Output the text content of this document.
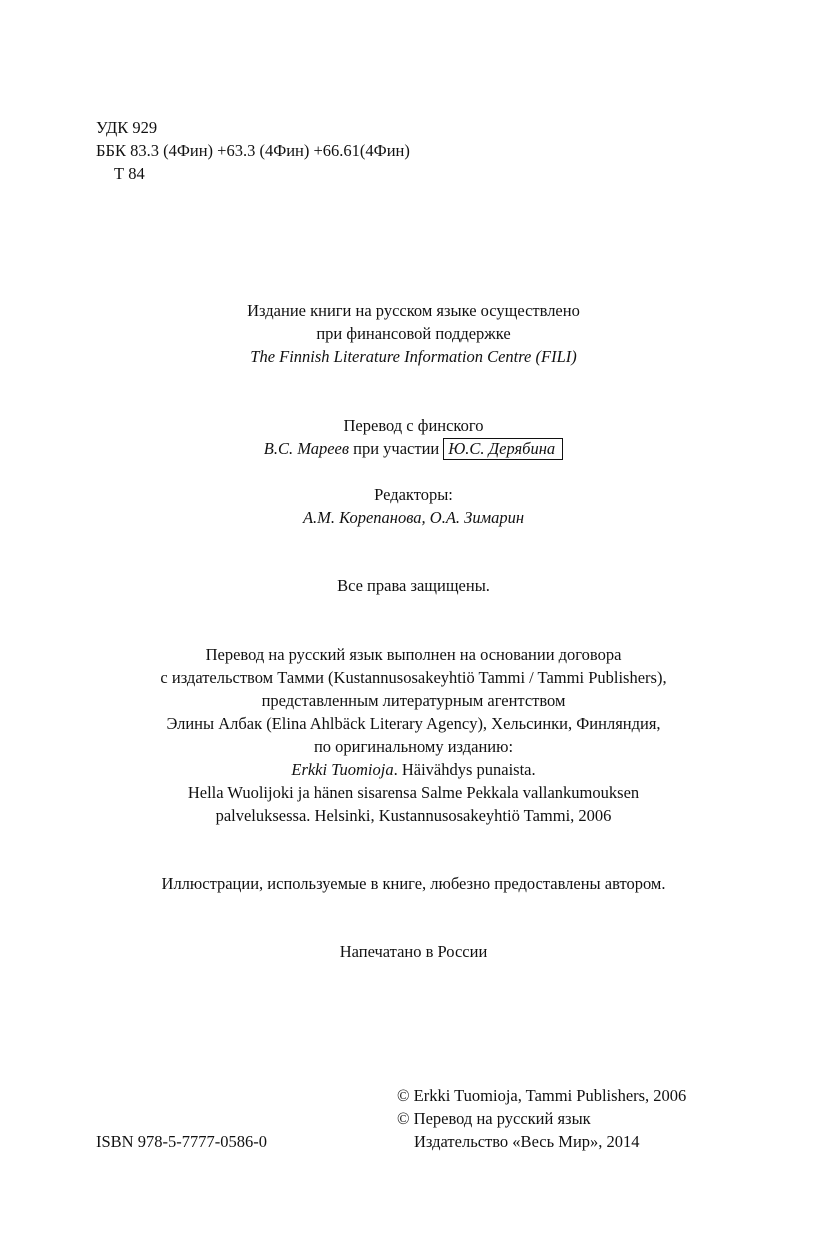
УДК 929
ББК 83.3 (4Фин) +63.3 (4Фин) +66.61(4Фин)
Т 84
Издание книги на русском языке осуществлено
при финансовой поддержке
The Finnish Literature Information Centre (FILI)
Перевод с финского
В.С. Мареев при участии Ю.С. Дерябина
Редакторы:
А.М. Корепанова, О.А. Зимарин
Все права защищены.
Перевод на русский язык выполнен на основании договора
с издательством Тамми (Kustannusosakeyhtiö Tammi / Tammi Publishers),
представленным литературным агентством
Элины Албак (Elina Ahlbäck Literary Agency), Хельсинки, Финляндия,
по оригинальному изданию:
Erkki Tuomioja. Häivähdys punaista.
Hella Wuolijoki ja hänen sisarensa Salme Pekkala vallankumouksen
palveluksessa. Helsinki, Kustannusosakeyhtiö Tammi, 2006
Иллюстрации, используемые в книге, любезно предоставлены автором.
Напечатано в России
ISBN 978-5-7777-0586-0
© Erkki Tuomioja, Tammi Publishers, 2006
© Перевод на русский язык
Издательство «Весь Мир», 2014
